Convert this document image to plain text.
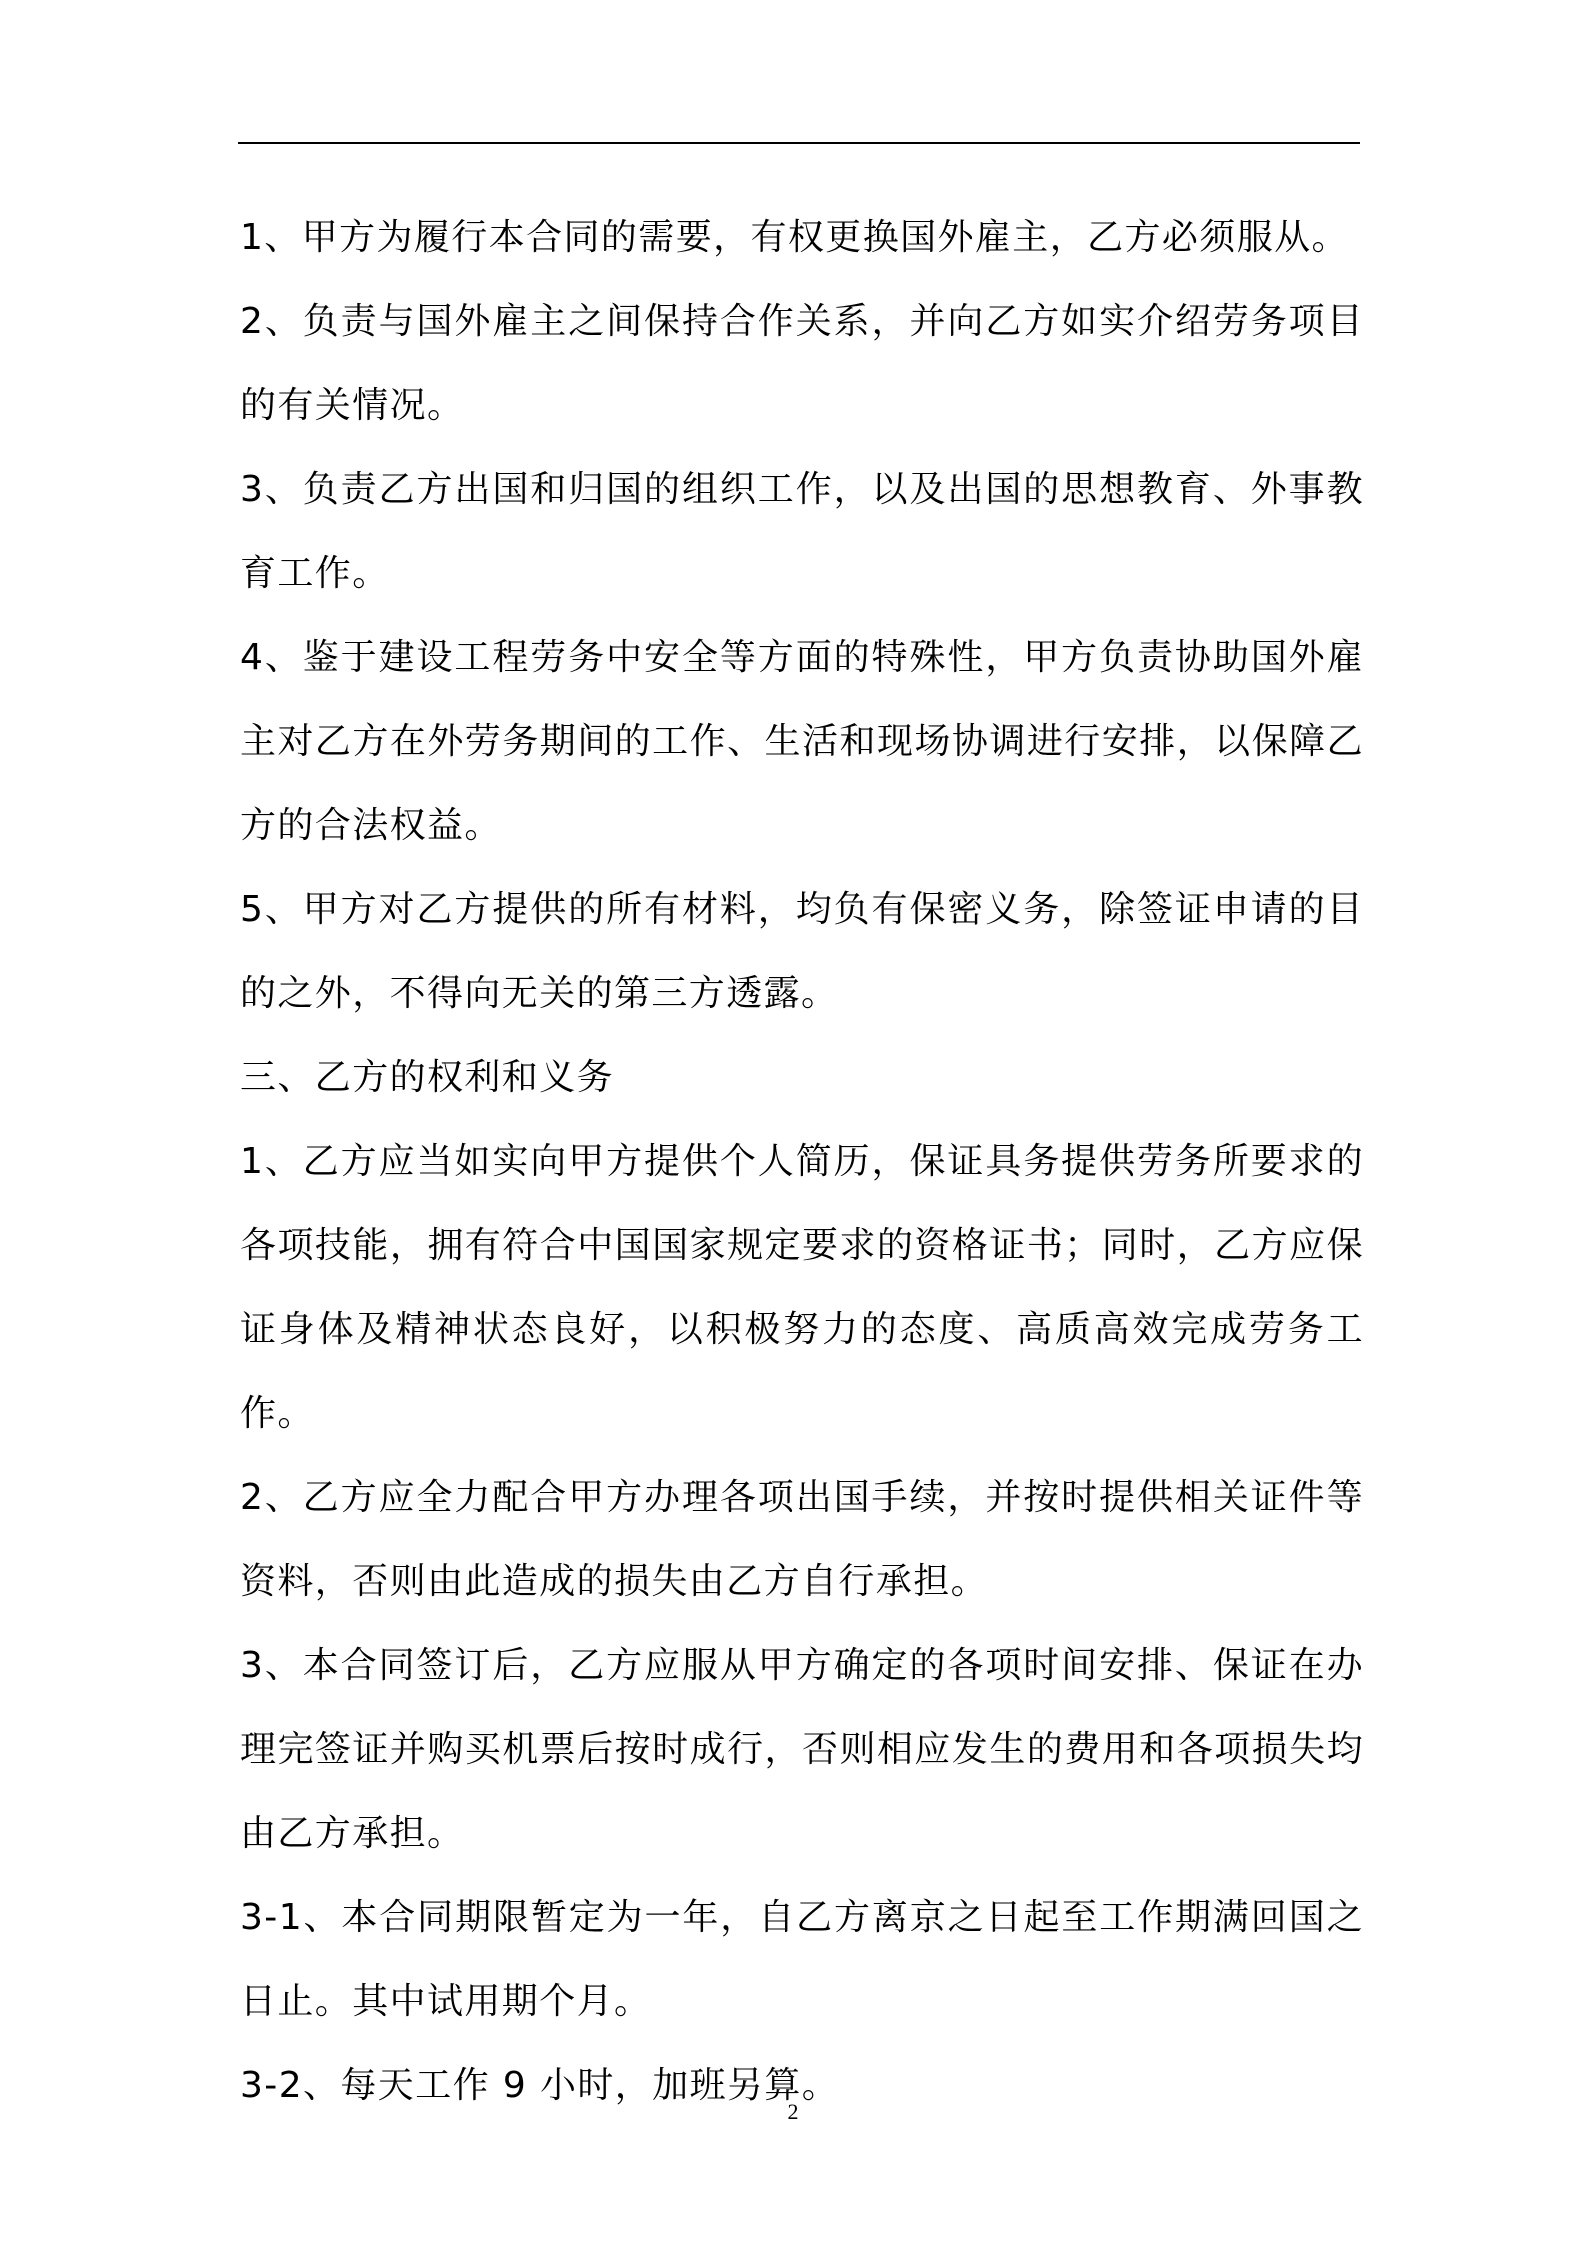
1、甲方为履行本合同的需要，有权更换国外雇主，乙方必须服从。

2、负责与国外雇主之间保持合作关系，并向乙方如实介绍劳务项目的有关情况。

3、负责乙方出国和归国的组织工作，以及出国的思想教育、外事教育工作。

4、鉴于建设工程劳务中安全等方面的特殊性，甲方负责协助国外雇主对乙方在外劳务期间的工作、生活和现场协调进行安排，以保障乙方的合法权益。

5、甲方对乙方提供的所有材料，均负有保密义务，除签证申请的目的之外，不得向无关的第三方透露。

三、乙方的权利和义务

1、乙方应当如实向甲方提供个人简历，保证具务提供劳务所要求的各项技能，拥有符合中国国家规定要求的资格证书；同时，乙方应保证身体及精神状态良好，以积极努力的态度、高质高效完成劳务工作。

2、乙方应全力配合甲方办理各项出国手续，并按时提供相关证件等资料，否则由此造成的损失由乙方自行承担。

3、本合同签订后，乙方应服从甲方确定的各项时间安排、保证在办理完签证并购买机票后按时成行，否则相应发生的费用和各项损失均由乙方承担。

3-1、本合同期限暂定为一年，自乙方离京之日起至工作期满回国之日止。其中试用期个月。

3-2、每天工作 9 小时，加班另算。

2
